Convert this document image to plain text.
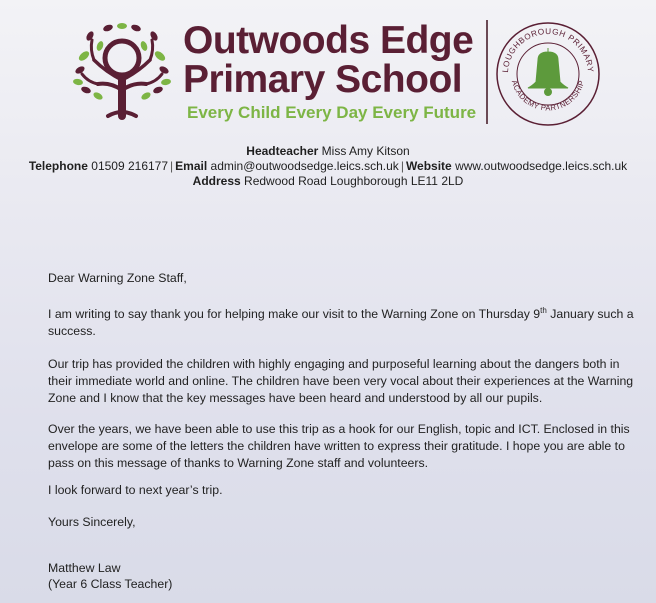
Outwoods Edge
Primary School
Every Child Every Day Every Future
LOUGHBOROUGH PRIMARY
ACADEMY PARTNERSHIP
Headteacher Miss Amy Kitson
Telephone 01509 216177 | Email admin@outwoodsedge.leics.sch.uk | Website www.outwoodsedge.leics.sch.uk
Address Redwood Road Loughborough LE11 2LD

Dear Warning Zone Staff,

I am writing to say thank you for helping make our visit to the Warning Zone on Thursday 9th January such a success.

Our trip has provided the children with highly engaging and purposeful learning about the dangers both in their immediate world and online. The children have been very vocal about their experiences at the Warning Zone and I know that the key messages have been heard and understood by all our pupils.

Over the years, we have been able to use this trip as a hook for our English, topic and ICT. Enclosed in this envelope are some of the letters the children have written to express their gratitude. I hope you are able to pass on this message of thanks to Warning Zone staff and volunteers.

I look forward to next year’s trip.

Yours Sincerely,

Matthew Law

(Year 6 Class Teacher)
